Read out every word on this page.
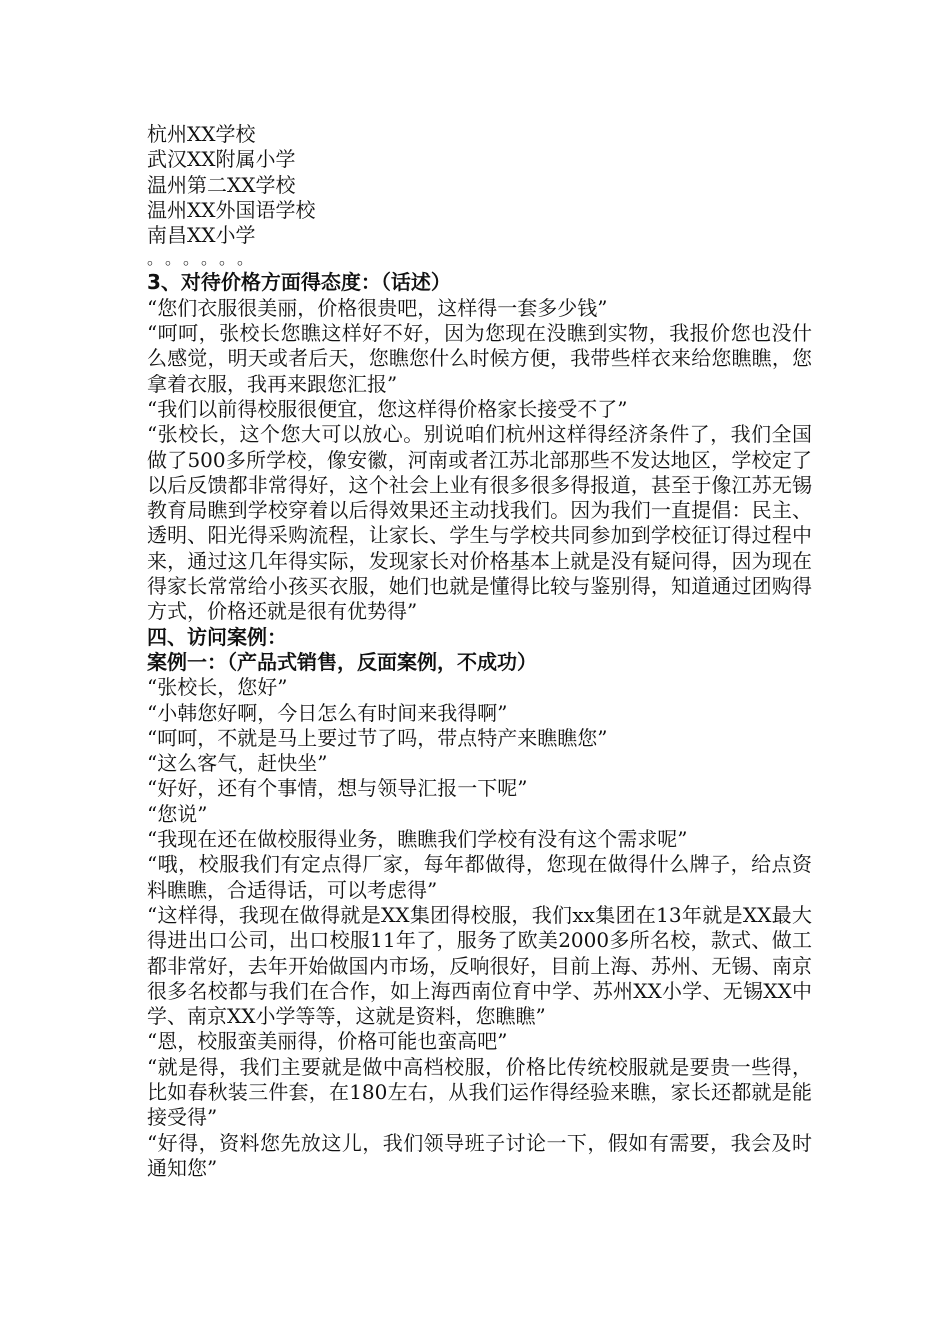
杭州XX学校
武汉XX附属小学
温州第二XX学校
温州XX外国语学校
南昌XX小学
。。。。。。
3、对待价格方面得态度：（话述）
“您们衣服很美丽，价格很贵吧，这样得一套多少钱”
“呵呵，张校长您瞧这样好不好，因为您现在没瞧到实物，我报价您也没什么感觉，明天或者后天，您瞧您什么时候方便，我带些样衣来给您瞧瞧，您拿着衣服，我再来跟您汇报”
“我们以前得校服很便宜，您这样得价格家长接受不了”
“张校长，这个您大可以放心。别说咱们杭州这样得经济条件了，我们全国做了500多所学校，像安徽，河南或者江苏北部那些不发达地区，学校定了以后反馈都非常得好，这个社会上业有很多很多得报道，甚至于像江苏无锡教育局瞧到学校穿着以后得效果还主动找我们。因为我们一直提倡：民主、透明、阳光得采购流程，让家长、学生与学校共同参加到学校征订得过程中来，通过这几年得实际，发现家长对价格基本上就是没有疑问得，因为现在得家长常常给小孩买衣服，她们也就是懂得比较与鉴别得，知道通过团购得方式，价格还就是很有优势得”
四、访问案例：
案例一：（产品式销售，反面案例，不成功）
“张校长，您好”
“小韩您好啊，今日怎么有时间来我得啊”
“呵呵，不就是马上要过节了吗，带点特产来瞧瞧您”
“这么客气，赶快坐”
“好好，还有个事情，想与领导汇报一下呢”
“您说”
“我现在还在做校服得业务，瞧瞧我们学校有没有这个需求呢”
“哦，校服我们有定点得厂家，每年都做得，您现在做得什么牌子，给点资料瞧瞧，合适得话，可以考虑得”
“这样得，我现在做得就是XX集团得校服，我们xx集团在13年就是XX最大得进出口公司，出口校服11年了，服务了欧美2000多所名校，款式、做工都非常好，去年开始做国内市场，反响很好，目前上海、苏州、无锡、南京很多名校都与我们在合作，如上海西南位育中学、苏州XX小学、无锡XX中学、南京XX小学等等，这就是资料，您瞧瞧”
“恩，校服蛮美丽得，价格可能也蛮高吧”
“就是得，我们主要就是做中高档校服，价格比传统校服就是要贵一些得，比如春秋装三件套，在180左右，从我们运作得经验来瞧，家长还都就是能接受得”
“好得，资料您先放这儿，我们领导班子讨论一下，假如有需要，我会及时通知您”
